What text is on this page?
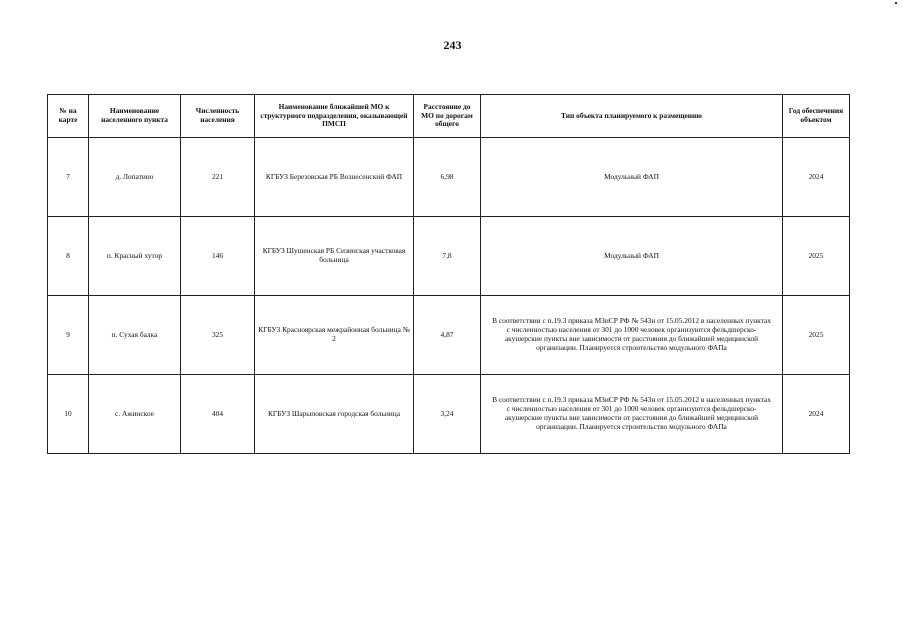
243
№ на карте	Наименование населенного пункта	Численность населения	Наименование ближайшей МО к структурного подразделения, оказывающей ПМСП	Расстояние до МО по дорогам общего	Тип объекта планируемого к размещению	Год обеспечения объектом
7	д. Лопатино	221	КГБУЗ Березовская РБ Вознесенский ФАП	6,98	Модульный ФАП	2024
8	п. Красный хутор	146	КГБУЗ Шушенская РБ Сизинская участковая больница	7,8	Модульный ФАП	2025
9	п. Сухая балка	325	КГБУЗ Красноярская межрайонная больница № 2	4,87	В соответствии с п.19.3 приказа МЗиСР РФ № 543н от 15.05.2012 в населенных пунктах с численностью населения от 301 до 1000 человек организуются фельдшерско-акушерские пункты вне зависимости от расстояния до ближайшей медицинской организации. Планируется строительство модульного ФАПа	2025
10	с. Ажинское	404	КГБУЗ Шарыповская городская больница	3,24	В соответствии с п.19.3 приказа МЗиСР РФ № 543н от 15.05.2012 в населенных пунктах с численностью населения от 301 до 1000 человек организуются фельдшерско-акушерские пункты вне зависимости от расстояния до ближайшей медицинской организации. Планируется строительство модульного ФАПа	2024
